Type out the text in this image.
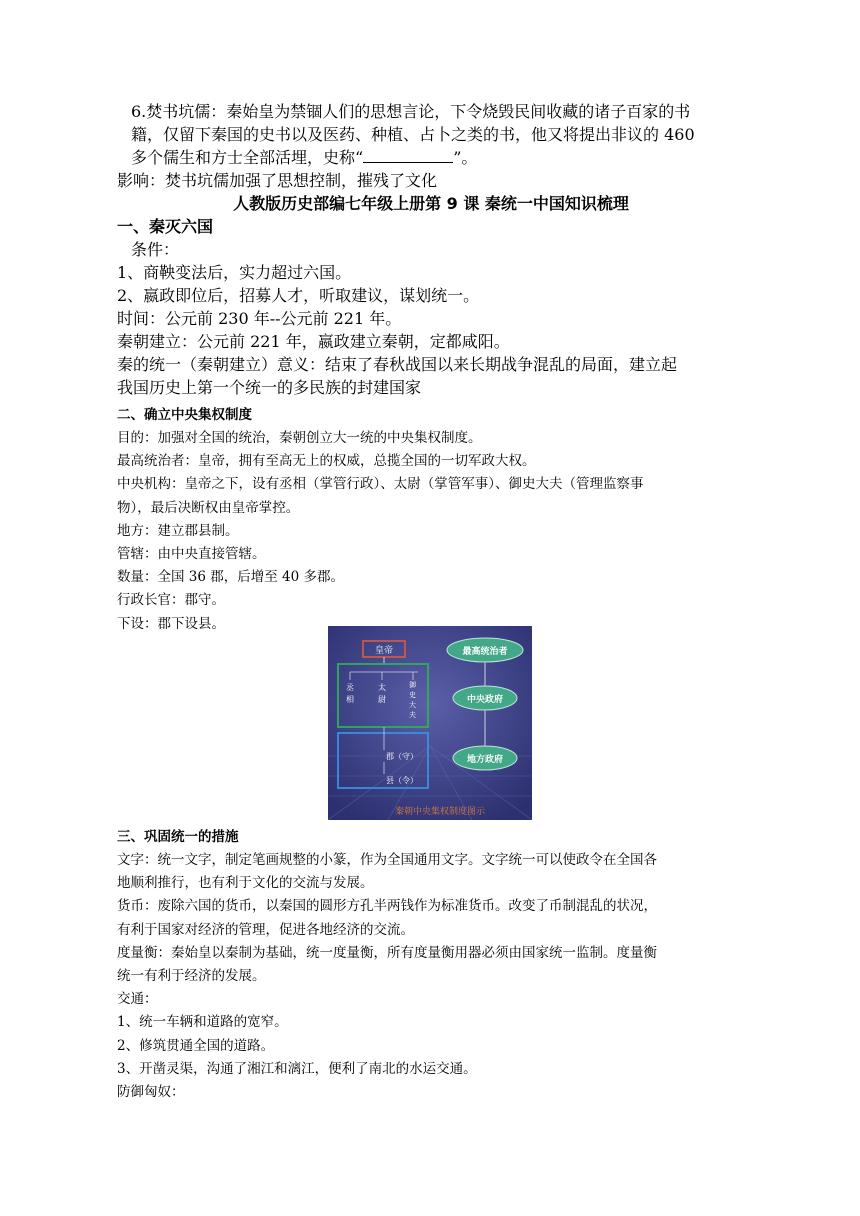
6.焚书坑儒：秦始皇为禁锢人们的思想言论，下令烧毁民间收藏的诸子百家的书

籍，仅留下秦国的史书以及医药、种植、占卜之类的书，他又将提出非议的 460

多个儒生和方士全部活埋，史称“	”。

影响：焚书坑儒加强了思想控制，摧残了文化

人教版历史部编七年级上册第 9 课 秦统一中国知识梳理

一、秦灭六国

条件：

1、商鞅变法后，实力超过六国。

2、嬴政即位后，招募人才，听取建议，谋划统一。

时间：公元前 230 年--公元前 221 年。

秦朝建立：公元前 221 年，嬴政建立秦朝，定都咸阳。

秦的统一（秦朝建立）意义：结束了春秋战国以来长期战争混乱的局面，建立起

我国历史上第一个统一的多民族的封建国家

二、确立中央集权制度

目的：加强对全国的统治，秦朝创立大一统的中央集权制度。

最高统治者：皇帝，拥有至高无上的权威，总揽全国的一切军政大权。

中央机构：皇帝之下，设有丞相（掌管行政）、太尉（掌管军事）、御史大夫（管理监察事

物），最后决断权由皇帝掌控。

地方：建立郡县制。

管辖：由中央直接管辖。

数量：全国 36 郡，后增至 40 多郡。

行政长官：郡守。

下设：郡下设县。

皇帝
丞 相
太 尉
御 史 大 夫
郡（守）
县（令）
最高统治者
中央政府
地方政府
秦朝中央集权制度图示

三、巩固统一的措施

文字：统一文字，制定笔画规整的小篆，作为全国通用文字。文字统一可以使政令在全国各

地顺利推行，也有利于文化的交流与发展。

货币：废除六国的货币，以秦国的圆形方孔半两钱作为标准货币。改变了币制混乱的状况，

有利于国家对经济的管理，促进各地经济的交流。

度量衡：秦始皇以秦制为基础，统一度量衡，所有度量衡用器必须由国家统一监制。度量衡

统一有利于经济的发展。

交通：

1、统一车辆和道路的宽窄。

2、修筑贯通全国的道路。

3、开凿灵渠，沟通了湘江和漓江，便利了南北的水运交通。

防御匈奴：
